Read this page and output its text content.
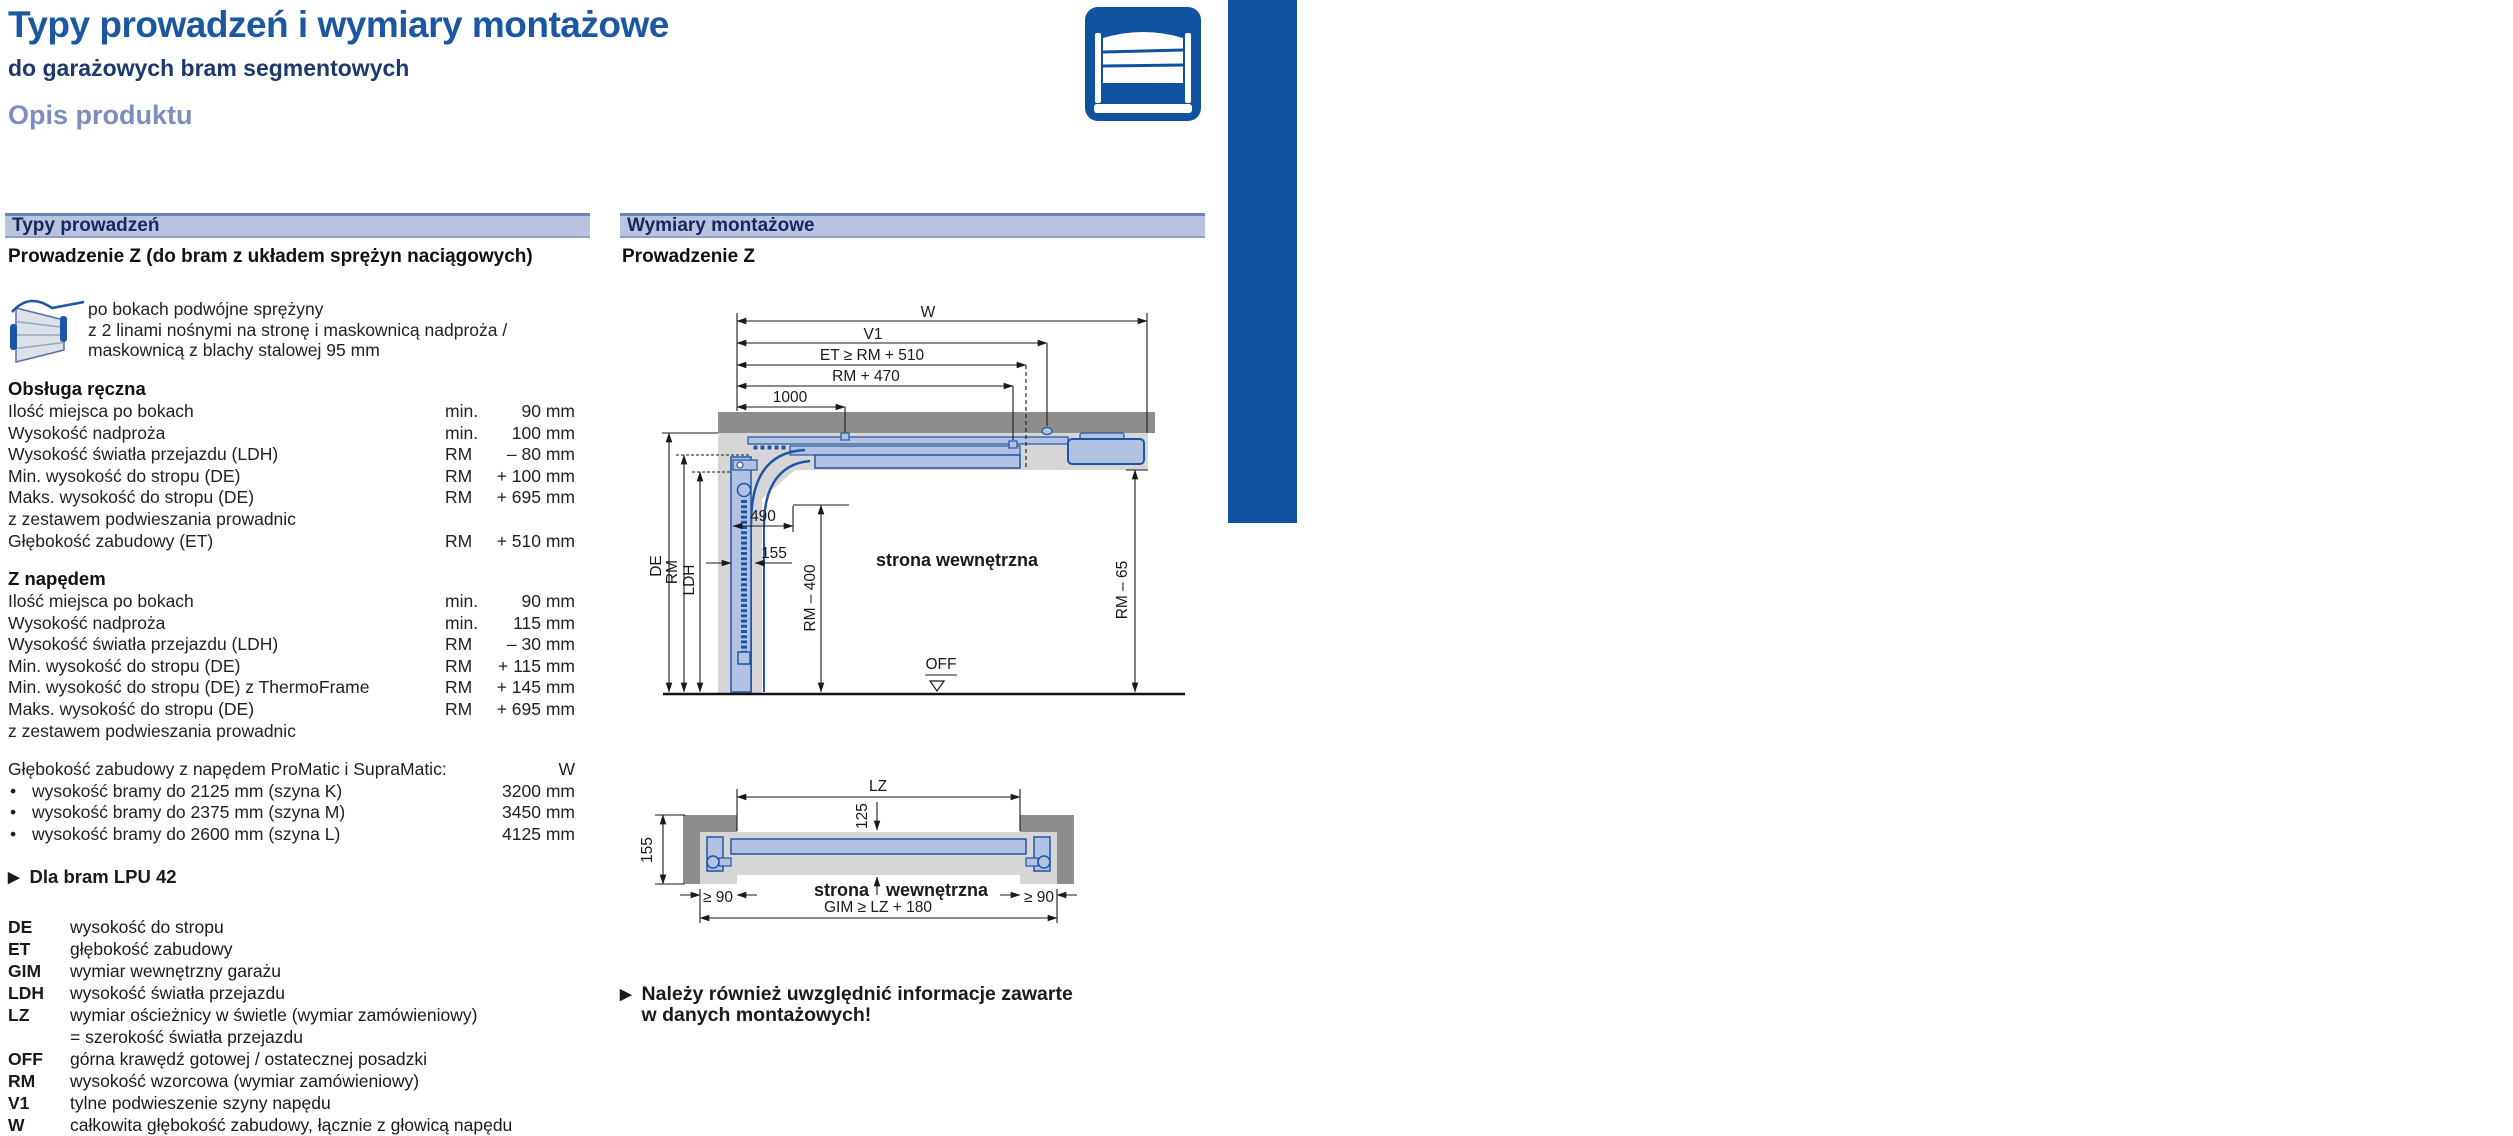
Typy prowadzeń i wymiary montażowe
do garażowych bram segmentowych
Opis produktu
Bramy segmentowe Grubość konstrukcji 42 mm
Typy prowadzeń
Prowadzenie Z (do bram z układem sprężyn naciągowych)
po bokach podwójne sprężyny
z 2 linami nośnymi na stronę i maskownicą nadproża /
maskownicą z blachy stalowej 95 mm
Obsługa ręczna
Ilość miejsca po bokach	min. 90 mm
Wysokość nadproża	min. 100 mm
Wysokość światła przejazdu (LDH)	RM – 80 mm
Min. wysokość do stropu (DE)	RM + 100 mm
Maks. wysokość do stropu (DE)	RM + 695 mm
z zestawem podwieszania prowadnic
Głębokość zabudowy (ET)	RM + 510 mm
Z napędem
Ilość miejsca po bokach	min. 90 mm
Wysokość nadproża	min. 115 mm
Wysokość światła przejazdu (LDH)	RM – 30 mm
Min. wysokość do stropu (DE)	RM + 115 mm
Min. wysokość do stropu (DE) z ThermoFrame	RM + 145 mm
Maks. wysokość do stropu (DE)	RM + 695 mm
z zestawem podwieszania prowadnic
Głębokość zabudowy z napędem ProMatic i SupraMatic:	W
• wysokość bramy do 2125 mm (szyna K)	3200 mm
• wysokość bramy do 2375 mm (szyna M)	3450 mm
• wysokość bramy do 2600 mm (szyna L)	4125 mm
▶ Dla bram LPU 42
DE wysokość do stropu
ET głębokość zabudowy
GIM wymiar wewnętrzny garażu
LDH wysokość światła przejazdu
LZ wymiar ościeżnicy w świetle (wymiar zamówieniowy)
= szerokość światła przejazdu
OFF górna krawędź gotowej / ostatecznej posadzki
RM wysokość wzorcowa (wymiar zamówieniowy)
V1 tylne podwieszenie szyny napędu
W	całkowita głębokość zabudowy, łącznie z głowicą napędu
Wymiary montażowe
Prowadzenie Z
W
V1
ET ≥ RM + 510
RM + 470
1000
490
155
DE RM LDH	RM – 400
strona wewnętrzna
RM – 65
OFF
LZ
125
155
≥ 90	strona wewnętrzna ≥ 90
GIM ≥ LZ + 180
▶ Należy również uwzględnić informacje zawarte
w danych montażowych!
